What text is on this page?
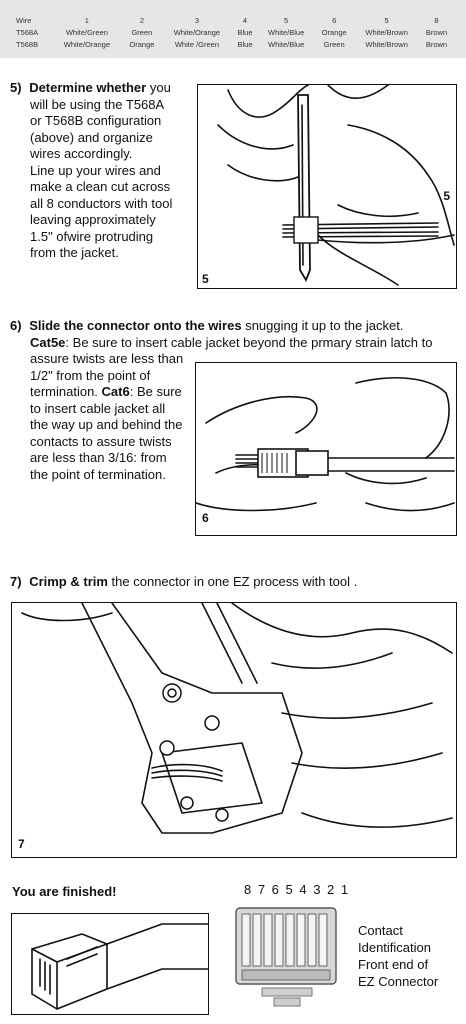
Wire	1	2	3	4	5	6	5	8
T568A	White/Green	Green	White/Orange	Blue	White/Blue	Orange	White/Brown	Brown
T568B	White/Orange	Orange	White /Green	Blue	White/Blue	Green	White/Brown	Brown
5) Determine whether you
will be using the T568A
or T568B configuration
(above) and organize
wires accordingly.
Line up your wires and
make a clean cut across
all 8 conductors with tool
leaving approximately
1.5" ofwire protruding
from the jacket.
5
5
6) Slide the connector onto the wires snugging it up to the jacket.
Cat5e: Be sure to insert cable jacket beyond the prmary strain latch to
assure twists are less than
1/2" from the point of
termination. Cat6: Be sure
to insert cable jacket all
the way up and behind the
contacts to assure twists
are less than 3/16: from
the point of termination.
6
7) Crimp & trim the connector in one EZ process with tool .
7
You are finished!	8 7 6 5 4 3 2 1
Contact
Identification
Front end of
EZ Connector
